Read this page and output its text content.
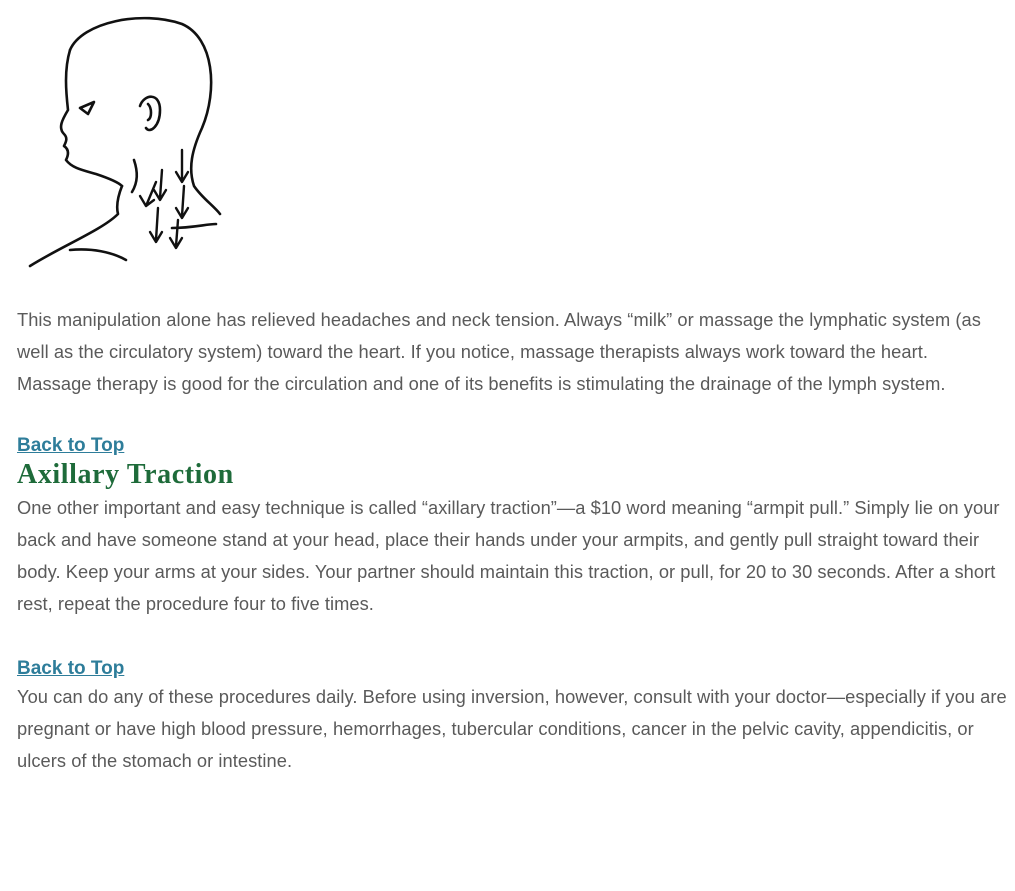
This manipulation alone has relieved headaches and neck tension. Always “milk” or massage the lymphatic system (as well as the circulatory system) toward the heart. If you notice, massage therapists always work toward the heart. Massage therapy is good for the circulation and one of its benefits is stimulating the drainage of the lymph system.

Back to Top
Axillary Traction

One other important and easy technique is called “axillary traction”—a $10 word meaning “armpit pull.” Simply lie on your back and have someone stand at your head, place their hands under your armpits, and gently pull straight toward their body. Keep your arms at your sides. Your partner should maintain this traction, or pull, for 20 to 30 seconds. After a short rest, repeat the procedure four to five times.

Back to Top

You can do any of these procedures daily. Before using inversion, however, consult with your doctor—especially if you are pregnant or have high blood pressure, hemorrhages, tubercular conditions, cancer in the pelvic cavity, appendicitis, or ulcers of the stomach or intestine.
